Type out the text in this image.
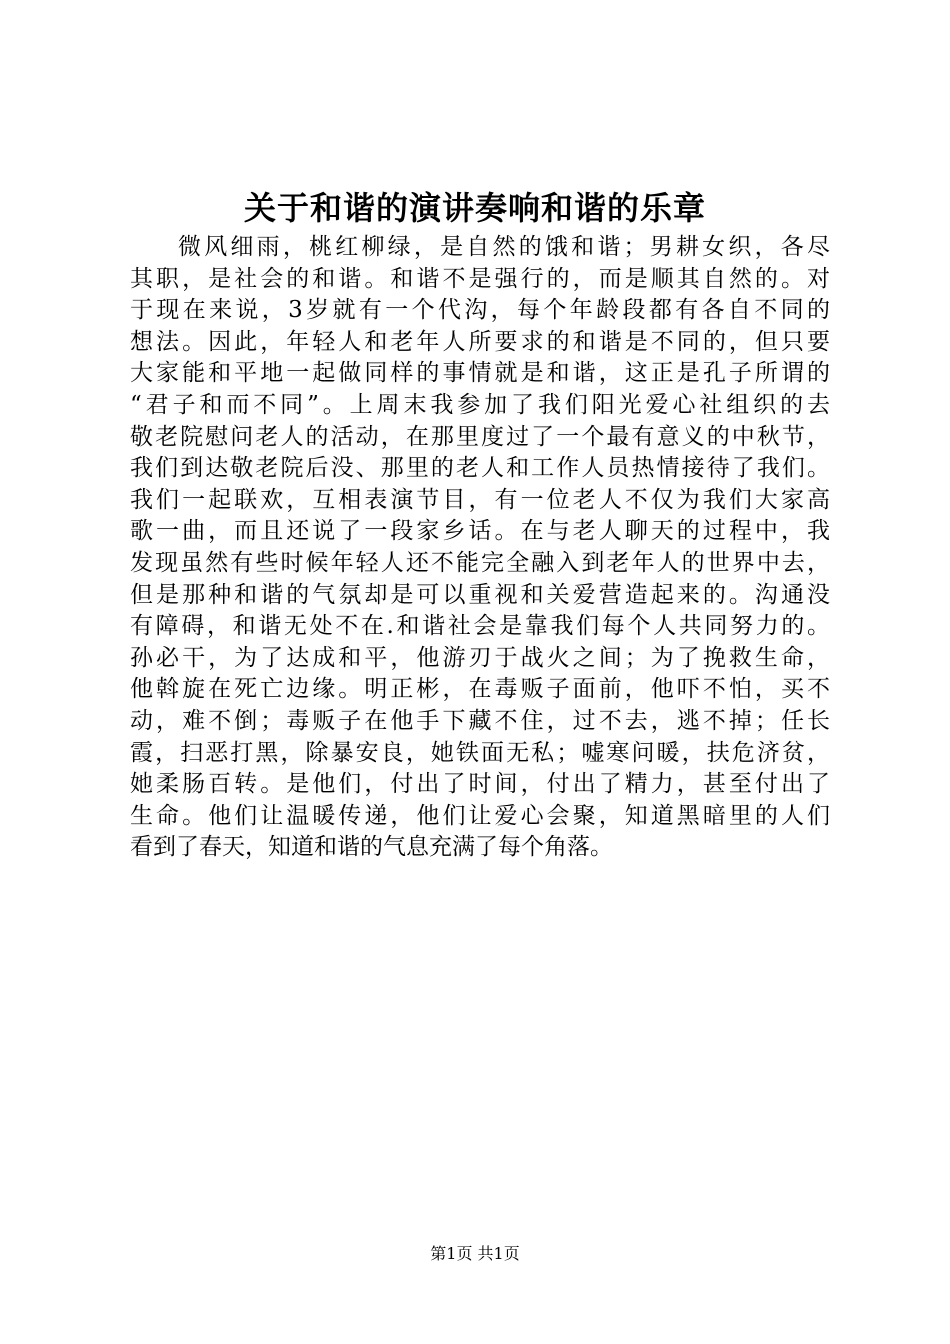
关于和谐的演讲奏响和谐的乐章
微风细雨，桃红柳绿，是自然的饿和谐；男耕女织，各尽
其职，是社会的和谐。和谐不是强行的，而是顺其自然的。对
于现在来说，3岁就有一个代沟，每个年龄段都有各自不同的
想法。因此，年轻人和老年人所要求的和谐是不同的，但只要
大家能和平地一起做同样的事情就是和谐，这正是孔子所谓的
“君子和而不同”。上周末我参加了我们阳光爱心社组织的去
敬老院慰问老人的活动，在那里度过了一个最有意义的中秋节，
我们到达敬老院后没、那里的老人和工作人员热情接待了我们。
我们一起联欢，互相表演节目，有一位老人不仅为我们大家高
歌一曲，而且还说了一段家乡话。在与老人聊天的过程中，我
发现虽然有些时候年轻人还不能完全融入到老年人的世界中去，
但是那种和谐的气氛却是可以重视和关爱营造起来的。沟通没
有障碍，和谐无处不在.和谐社会是靠我们每个人共同努力的。
孙必干，为了达成和平，他游刃于战火之间；为了挽救生命，
他斡旋在死亡边缘。明正彬，在毒贩子面前，他吓不怕，买不
动，难不倒；毒贩子在他手下藏不住，过不去，逃不掉；任长
霞，扫恶打黑，除暴安良，她铁面无私；嘘寒问暖，扶危济贫，
她柔肠百转。是他们，付出了时间，付出了精力，甚至付出了
生命。他们让温暖传递，他们让爱心会聚，知道黑暗里的人们
看到了春天，知道和谐的气息充满了每个角落。
第1页 共1页
